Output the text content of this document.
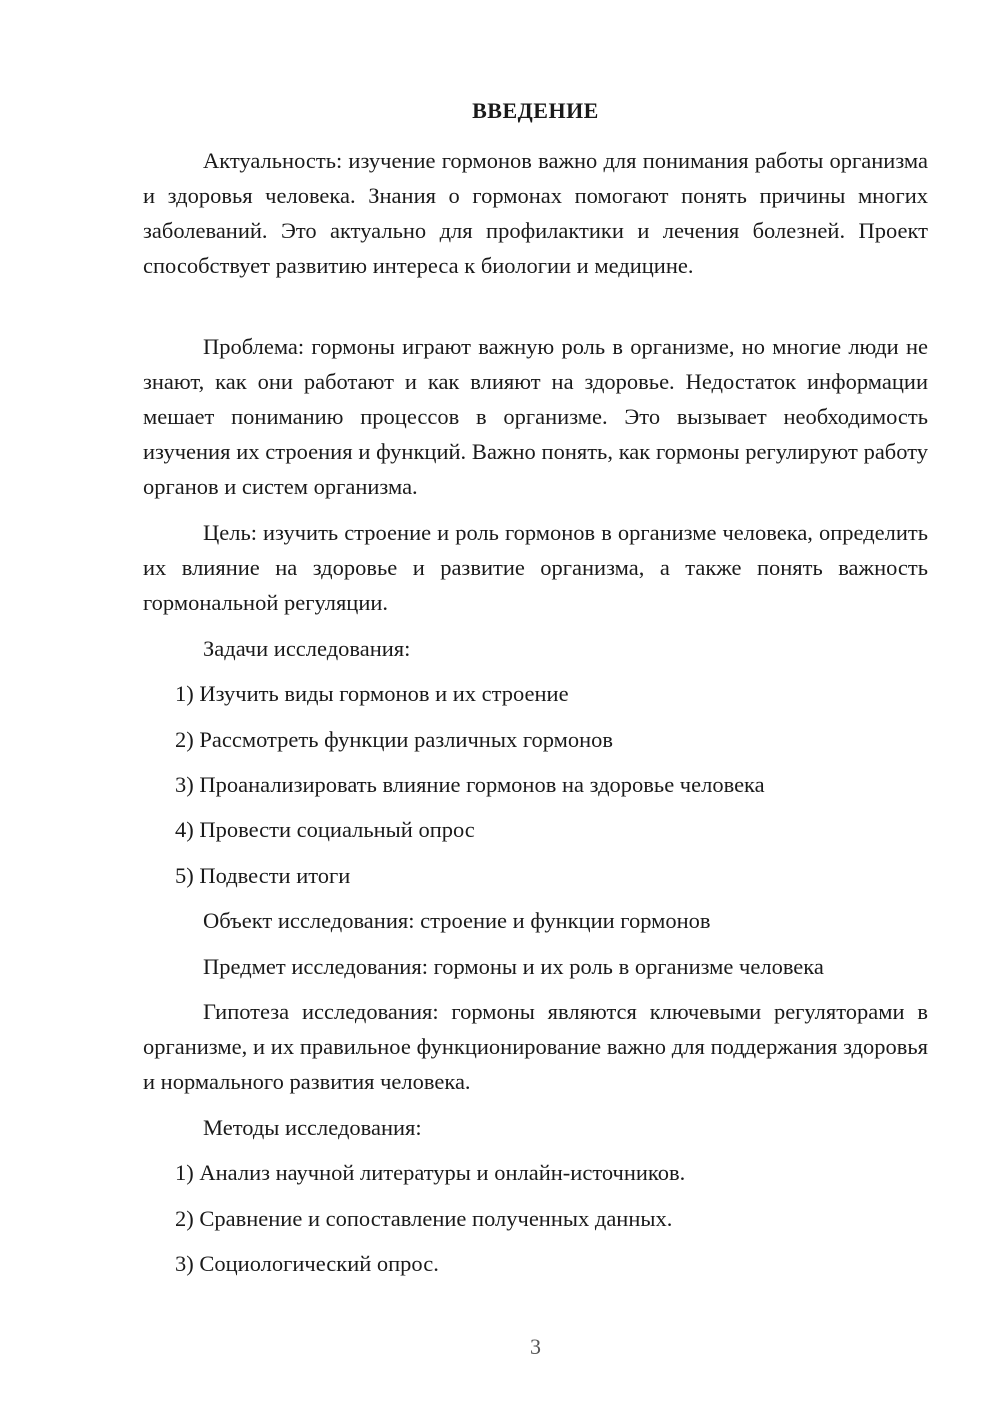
ВВЕДЕНИЕ

Актуальность: изучение гормонов важно для понимания работы организма и здоровья человека. Знания о гормонах помогают понять причины многих заболеваний. Это актуально для профилактики и лечения болезней. Проект способствует развитию интереса к биологии и медицине.

Проблема: гормоны играют важную роль в организме, но многие люди не знают, как они работают и как влияют на здоровье. Недостаток информации мешает пониманию процессов в организме. Это вызывает необходимость изучения их строения и функций. Важно понять, как гормоны регулируют работу органов и систем организма.

Цель: изучить строение и роль гормонов в организме человека, определить их влияние на здоровье и развитие организма, а также понять важность гормональной регуляции.

Задачи исследования:

1) Изучить виды гормонов и их строение

2) Рассмотреть функции различных гормонов

3) Проанализировать влияние гормонов на здоровье человека

4) Провести социальный опрос

5) Подвести итоги

Объект исследования: строение и функции гормонов

Предмет исследования: гормоны и их роль в организме человека

Гипотеза исследования: гормоны являются ключевыми регуляторами в организме, и их правильное функционирование важно для поддержания здоровья и нормального развития человека.

Методы исследования:

1) Анализ научной литературы и онлайн-источников.

2) Сравнение и сопоставление полученных данных.

3) Социологический опрос.

3
